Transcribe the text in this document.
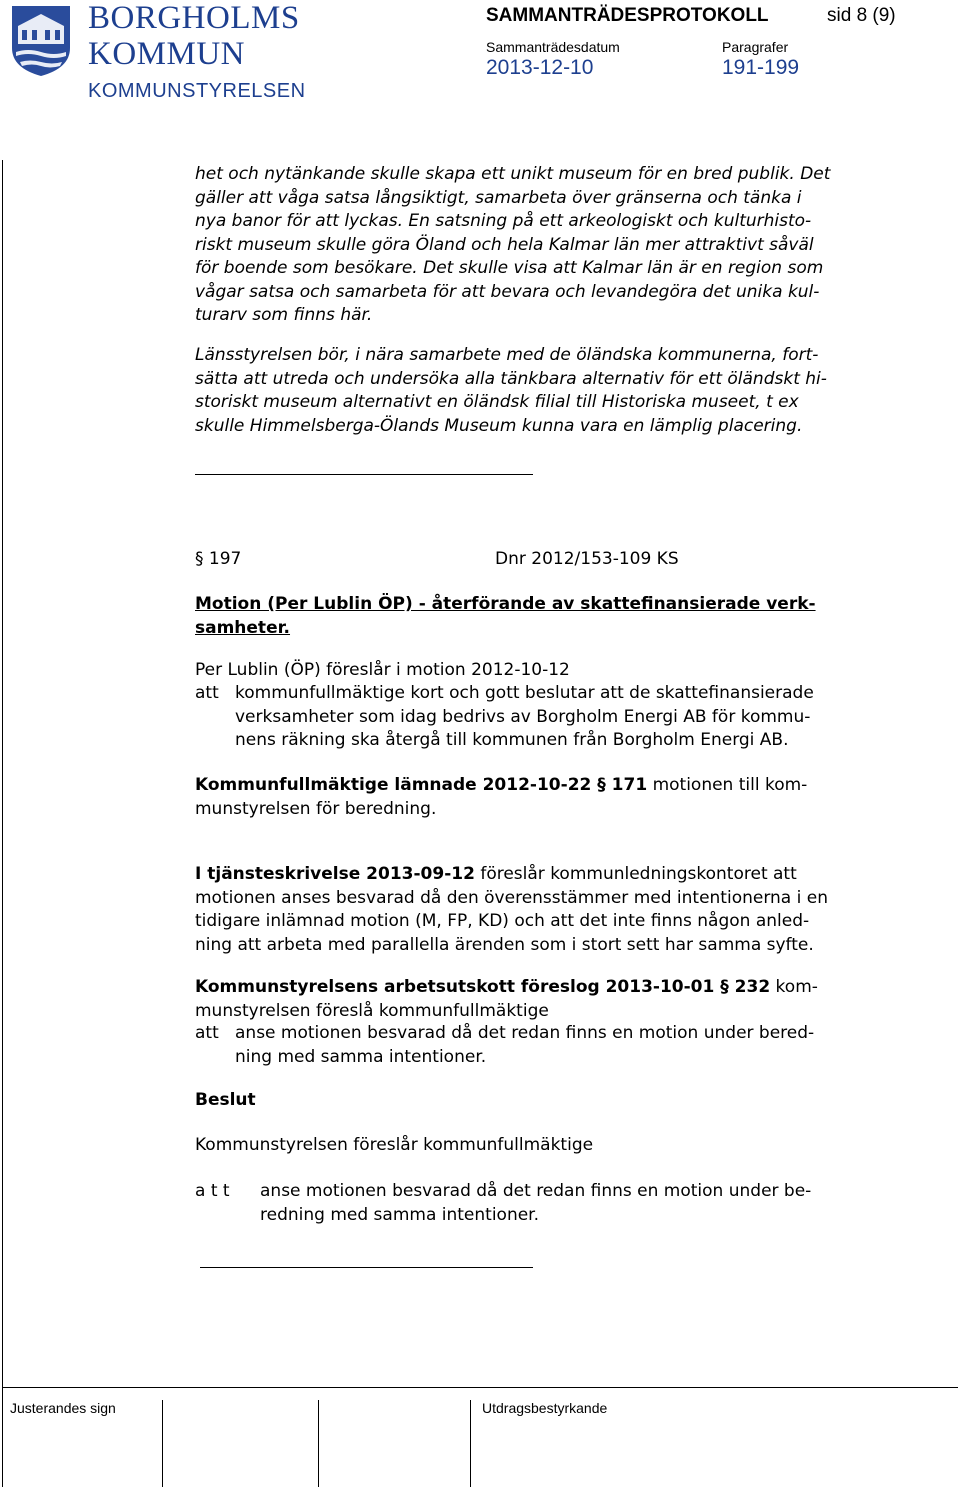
BORGHOLMS
KOMMUN
KOMMUNSTYRELSEN
SAMMANTRÄDESPROTOKOLL	sid 8 (9)
Sammanträdesdatum	Paragrafer
2013-12-10	191-199
het och nytänkande skulle skapa ett unikt museum för en bred publik. Det
gäller att våga satsa långsiktigt, samarbeta över gränserna och tänka i
nya banor för att lyckas. En satsning på ett arkeologiskt och kulturhisto-
riskt museum skulle göra Öland och hela Kalmar län mer attraktivt såväl
för boende som besökare. Det skulle visa att Kalmar län är en region som
vågar satsa och samarbeta för att bevara och levandegöra det unika kul-
turarv som finns här.
Länsstyrelsen bör, i nära samarbete med de öländska kommunerna, fort-
sätta att utreda och undersöka alla tänkbara alternativ för ett öländskt hi-
storiskt museum alternativt en öländsk filial till Historiska museet, t ex
skulle Himmelsberga-Ölands Museum kunna vara en lämplig placering.
§ 197	Dnr 2012/153-109 KS
Motion (Per Lublin ÖP) - återförande av skattefinansierade verk-
samheter.
Per Lublin (ÖP) föreslår i motion 2012-10-12
att kommunfullmäktige kort och gott beslutar att de skattefinansierade
verksamheter som idag bedrivs av Borgholm Energi AB för kommu-
nens räkning ska återgå till kommunen från Borgholm Energi AB.
Kommunfullmäktige lämnade 2012-10-22 § 171 motionen till kom-
munstyrelsen för beredning.
I tjänsteskrivelse 2013-09-12 föreslår kommunledningskontoret att
motionen anses besvarad då den överensstämmer med intentionerna i en
tidigare inlämnad motion (M, FP, KD) och att det inte finns någon anled-
ning att arbeta med parallella ärenden som i stort sett har samma syfte.
Kommunstyrelsens arbetsutskott föreslog 2013-10-01 § 232 kom-
munstyrelsen föreslå kommunfullmäktige
att anse motionen besvarad då det redan finns en motion under bered-
ning med samma intentioner.
Beslut
Kommunstyrelsen föreslår kommunfullmäktige
a t t	anse motionen besvarad då det redan finns en motion under be-
redning med samma intentioner.
Justerandes sign	Utdragsbestyrkande
